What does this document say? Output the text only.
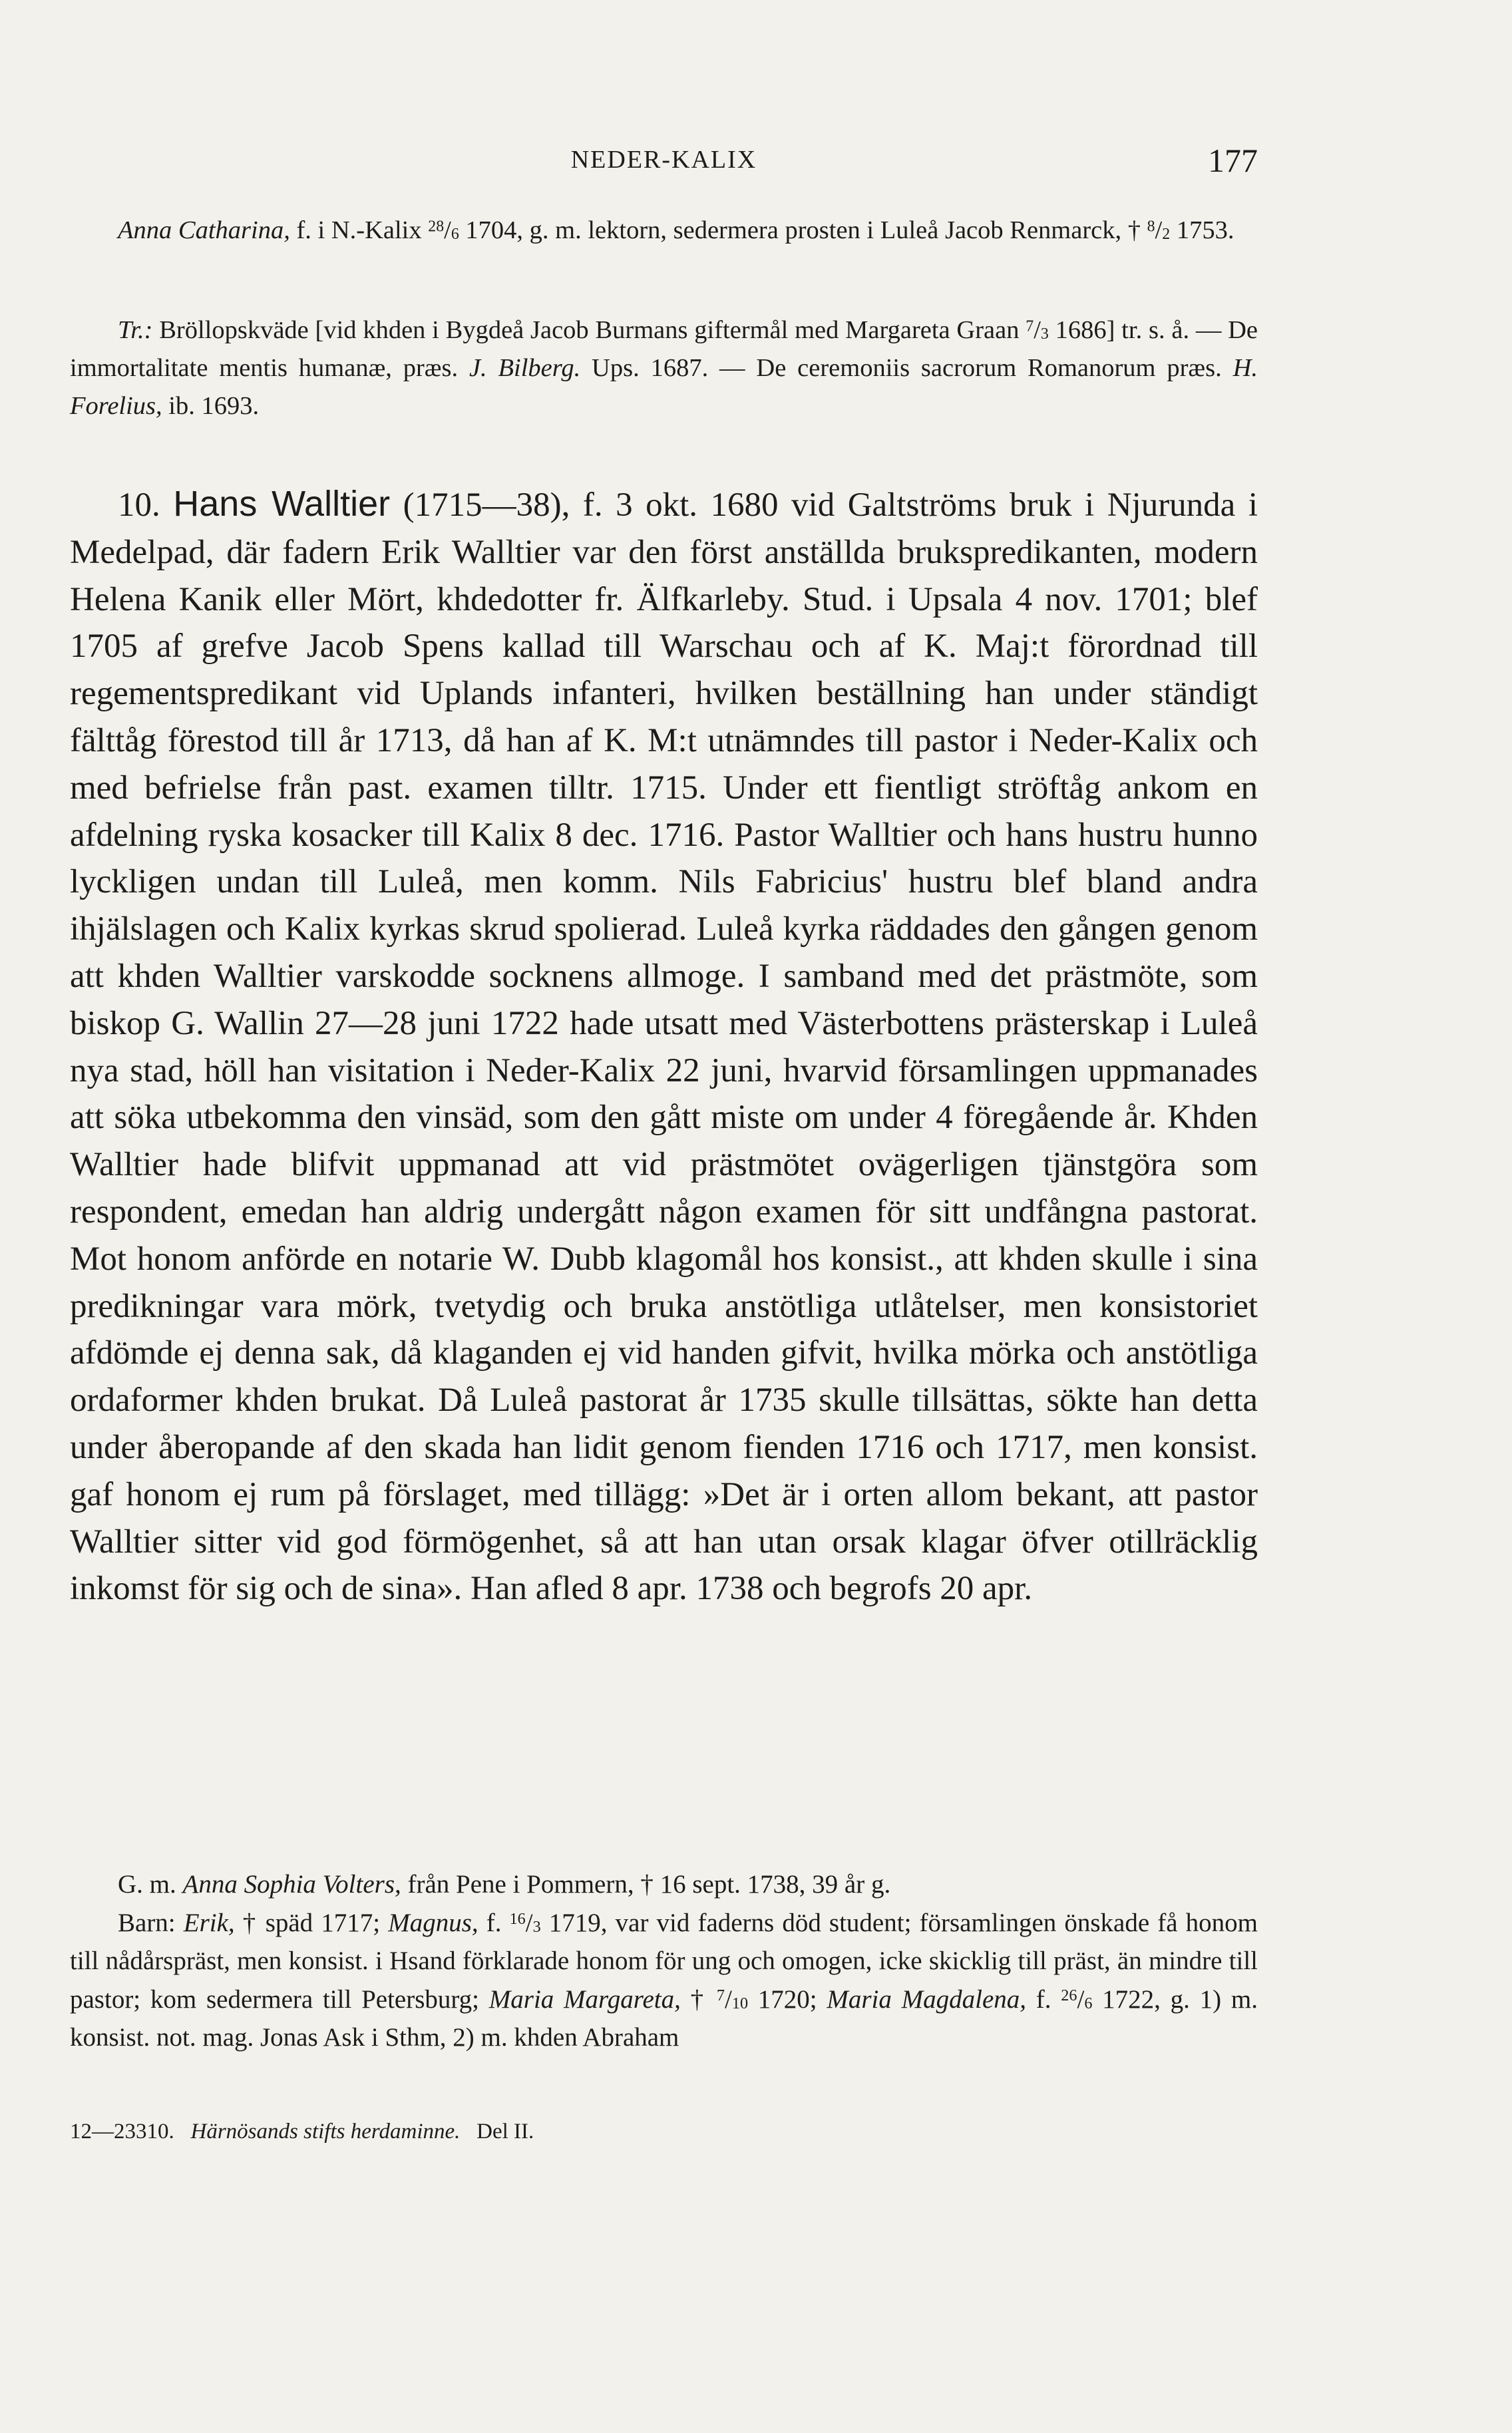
NEDER-KALIX	177
Anna Catharina, f. i N.-Kalix $^{28}/_6$ 1704, g. m. lektorn, sedermera prosten i Luleå Jacob Renmarck, † $^8/_2$ 1753.
Tr.: Bröllopskväde [vid khden i Bygdeå Jacob Burmans giftermål med Margareta Graan $^7/_3$ 1686] tr. s. å. — De immortalitate mentis humanæ, præs. J. Bilberg. Ups. 1687. — De ceremoniis sacrorum Romanorum præs. H. Forelius, ib. 1693.
10. Hans Walltier (1715—38), f. 3 okt. 1680 vid Galtströms bruk i Njurunda i Medelpad, där fadern Erik Walltier var den först anställda brukspredikanten, modern Helena Kanik eller Mört, khdedotter fr. Älfkarleby. Stud. i Upsala 4 nov. 1701; blef 1705 af grefve Jacob Spens kallad till Warschau och af K. Maj:t förordnad till regementspredikant vid Uplands infanteri, hvilken beställning han under ständigt fälttåg förestod till år 1713, då han af K. M:t utnämndes till pastor i Neder-Kalix och med befrielse från past. examen tilltr. 1715. Under ett fientligt ströftåg ankom en afdelning ryska kosacker till Kalix 8 dec. 1716. Pastor Walltier och hans hustru hunno lyckligen undan till Luleå, men komm. Nils Fabricius' hustru blef bland andra ihjälslagen och Kalix kyrkas skrud spolierad. Luleå kyrka räddades den gången genom att khden Walltier varskodde socknens allmoge. I samband med det prästmöte, som biskop G. Wallin 27—28 juni 1722 hade utsatt med Västerbottens prästerskap i Luleå nya stad, höll han visitation i Neder-Kalix 22 juni, hvarvid församlingen uppmanades att söka utbekomma den vinsäd, som den gått miste om under 4 föregående år. Khden Walltier hade blifvit uppmanad att vid prästmötet ovägerligen tjänstgöra som respondent, emedan han aldrig undergått någon examen för sitt undfångna pastorat. Mot honom anförde en notarie W. Dubb klagomål hos konsist., att khden skulle i sina predikningar vara mörk, tvetydig och bruka anstötliga utlåtelser, men konsistoriet afdömde ej denna sak, då klaganden ej vid handen gifvit, hvilka mörka och anstötliga ordaformer khden brukat. Då Luleå pastorat år 1735 skulle tillsättas, sökte han detta under åberopande af den skada han lidit genom fienden 1716 och 1717, men konsist. gaf honom ej rum på förslaget, med tillägg: »Det är i orten allom bekant, att pastor Walltier sitter vid god förmögenhet, så att han utan orsak klagar öfver otillräcklig inkomst för sig och de sina». Han afled 8 apr. 1738 och begrofs 20 apr.
G. m. Anna Sophia Volters, från Pene i Pommern, † 16 sept. 1738, 39 år g.
Barn: Erik, † späd 1717; Magnus, f. $^{16}/_3$ 1719, var vid faderns död student; församlingen önskade få honom till nådårspräst, men konsist. i Hsand förklarade honom för ung och omogen, icke skicklig till präst, än mindre till pastor; kom sedermera till Petersburg; Maria Margareta, † $^7/_{10}$ 1720; Maria Magdalena, f. $^{26}/_6$ 1722, g. 1) m. konsist. not. mag. Jonas Ask i Sthm, 2) m. khden Abraham
12—23310. Härnösands stifts herdaminne. Del II.
